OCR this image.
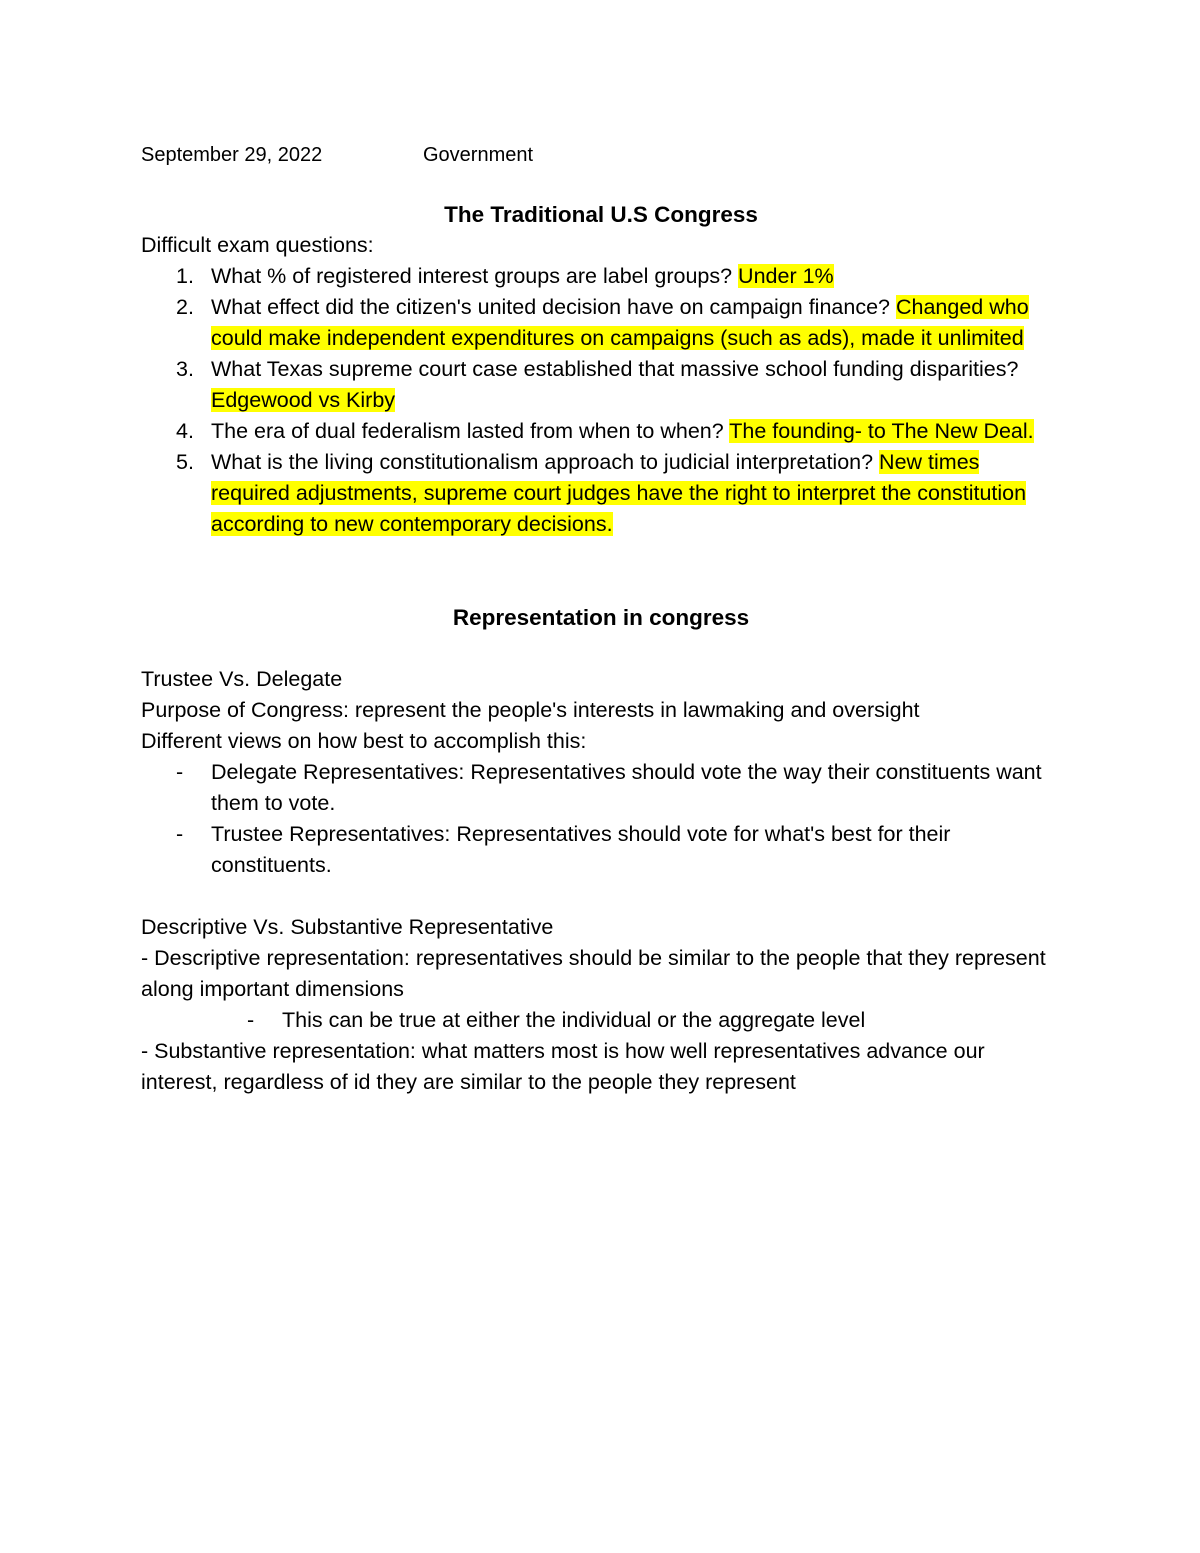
September 29, 2022	Government
The Traditional U.S Congress

Difficult exam questions:

1. What % of registered interest groups are label groups? Under 1%
2. What effect did the citizen's united decision have on campaign finance? Changed who could make independent expenditures on campaigns (such as ads), made it unlimited
3. What Texas supreme court case established that massive school funding disparities? Edgewood vs Kirby
4. The era of dual federalism lasted from when to when? The founding- to The New Deal.
5. What is the living constitutionalism approach to judicial interpretation? New times required adjustments, supreme court judges have the right to interpret the constitution according to new contemporary decisions.
Representation in congress

Trustee Vs. Delegate

Purpose of Congress: represent the people's interests in lawmaking and oversight

Different views on how best to accomplish this:

- Delegate Representatives: Representatives should vote the way their constituents want them to vote.
- Trustee Representatives: Representatives should vote for what's best for their constituents.

Descriptive Vs. Substantive Representative

- Descriptive representation: representatives should be similar to the people that they represent along important dimensions

- This can be true at either the individual or the aggregate level

- Substantive representation: what matters most is how well representatives advance our interest, regardless of id they are similar to the people they represent
